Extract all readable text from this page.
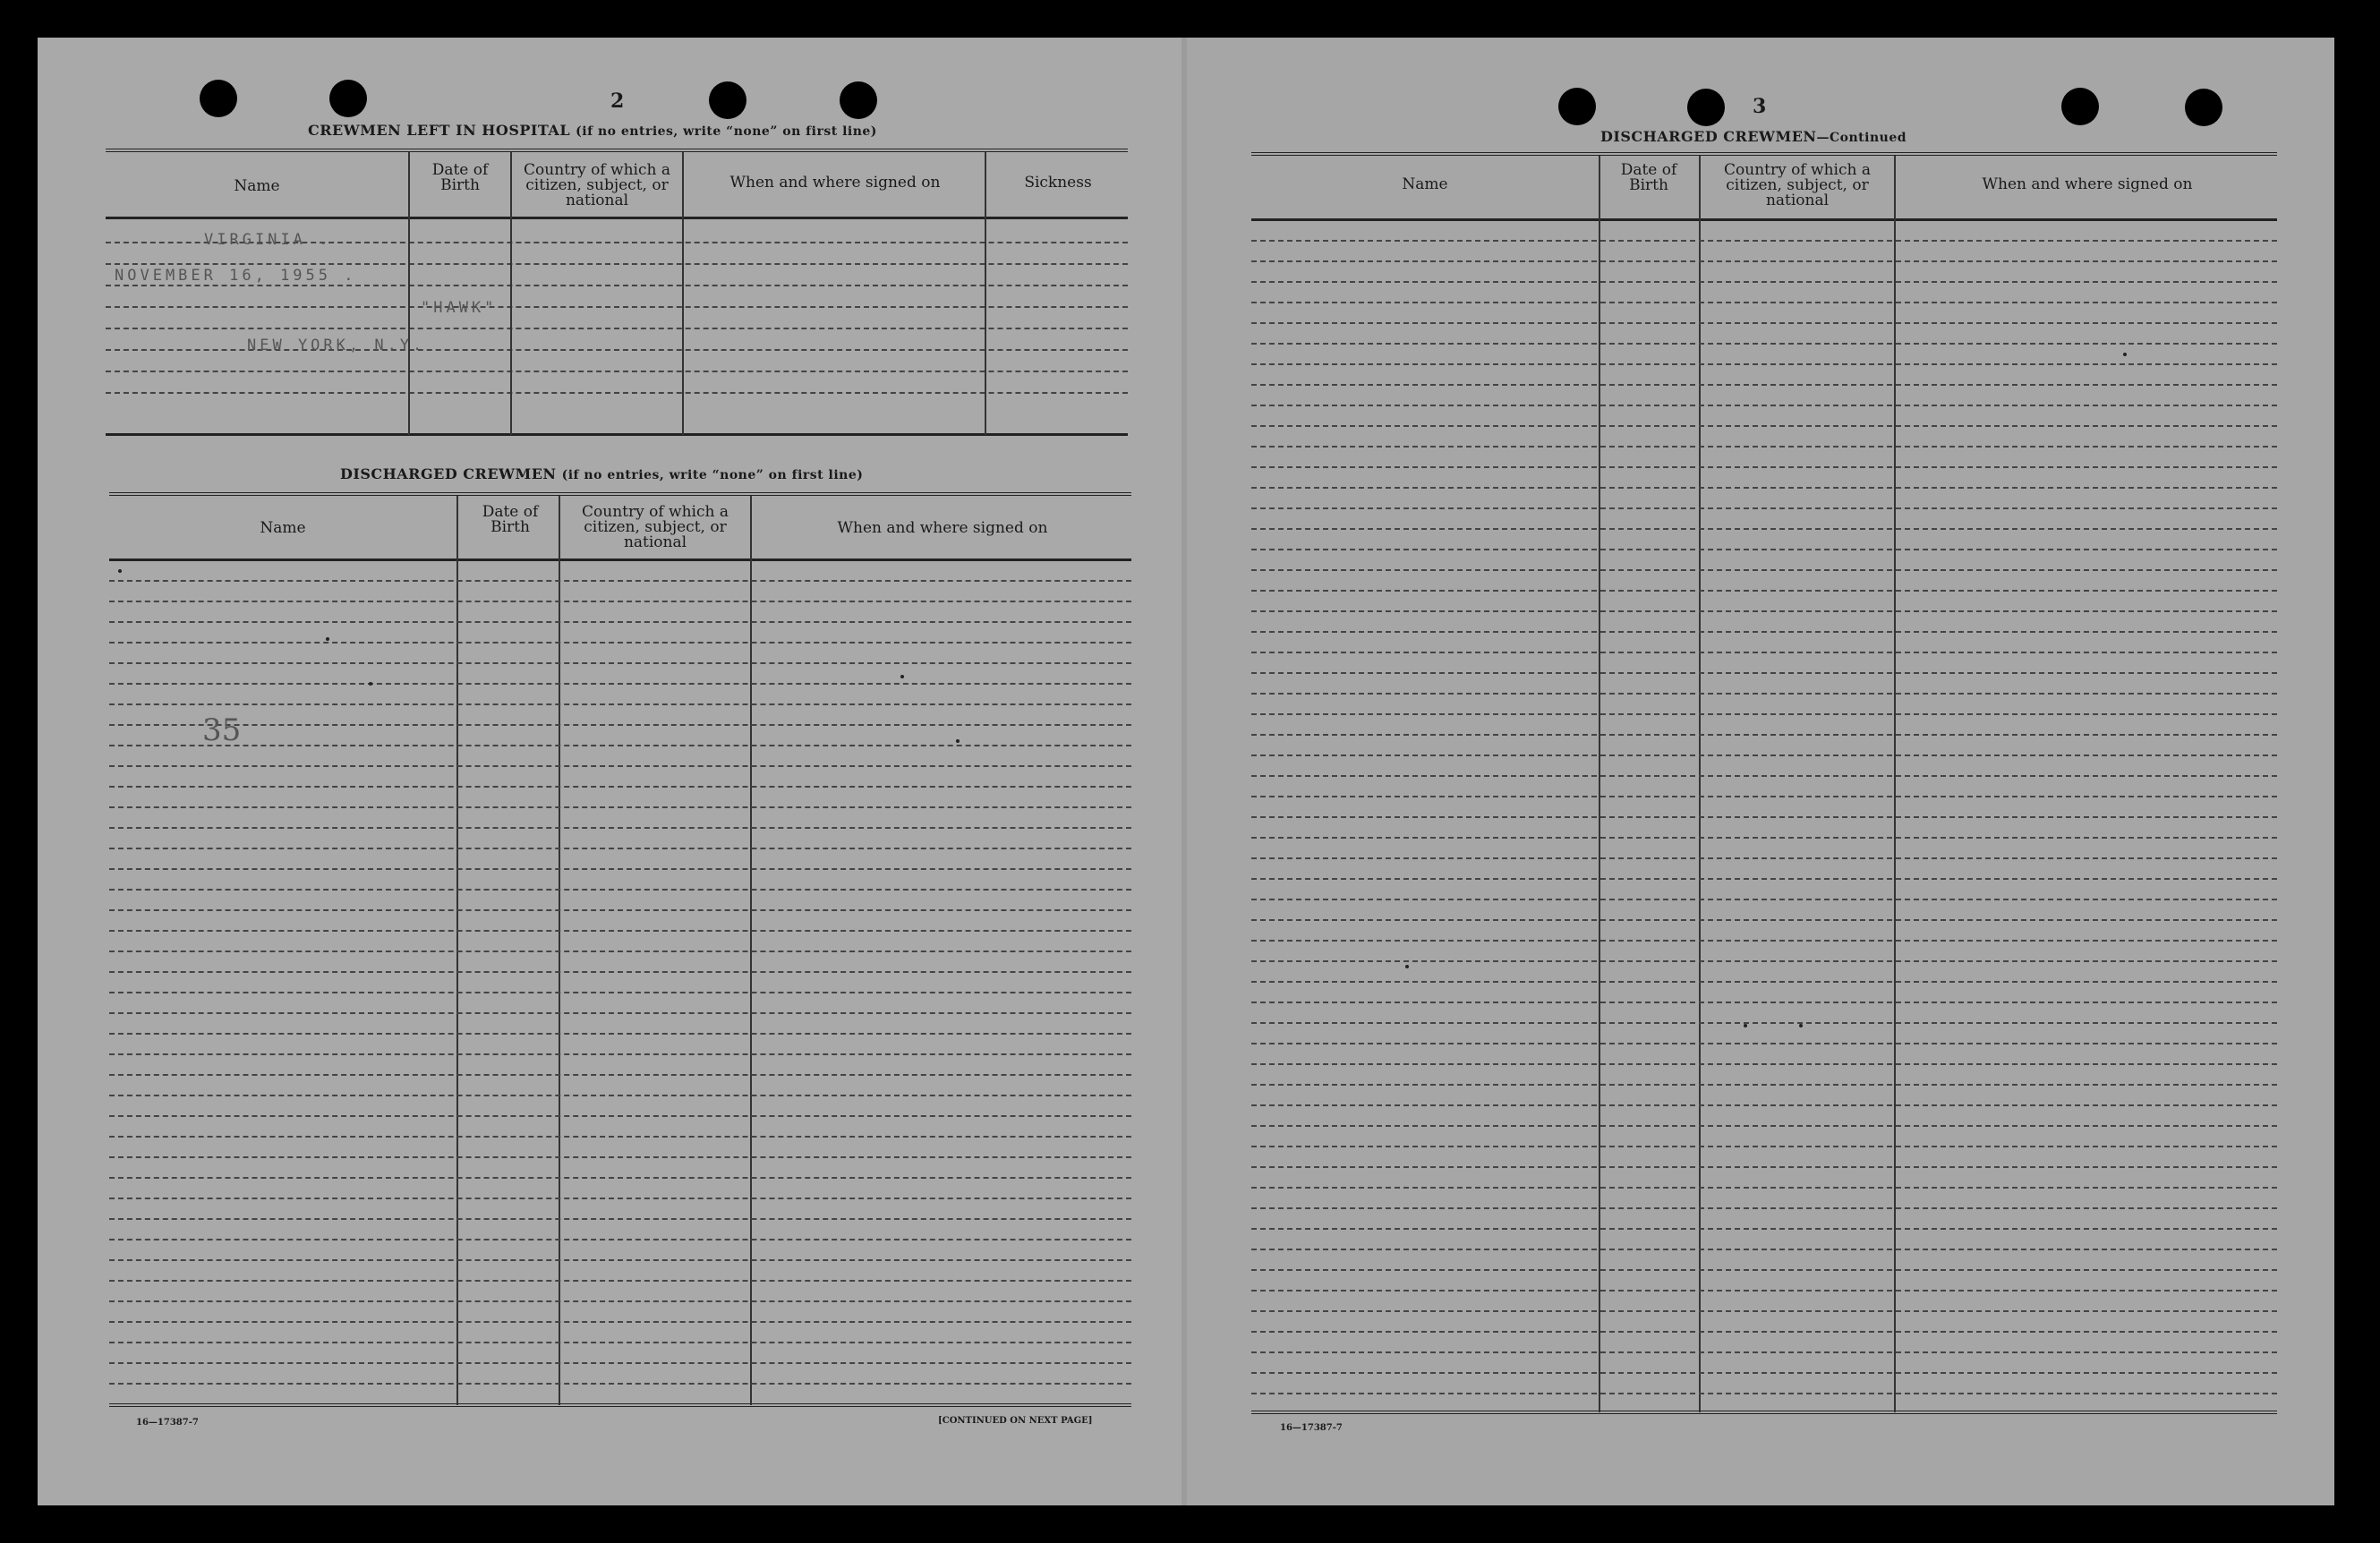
2
CREWMEN LEFT IN HOSPITAL (if no entries, write “none” on first line)
Name
Date of Birth
Country of which a citizen, subject, or national
When and where signed on	Sickness
DISCHARGED CREWMEN (if no entries, write “none” on first line)
Name
Date of Birth
Country of which a citizen, subject, or national
When and where signed on
VIRGINIA .
NOVEMBER 16, 1955 .
"HAWK"
NEW YORK, N.Y.
35
16—17387-7	[CONTINUED ON NEXT PAGE]
3
DISCHARGED CREWMEN—Continued
Name
Date of Birth
Country of which a citizen, subject, or national
When and where signed on
16—17387-7
